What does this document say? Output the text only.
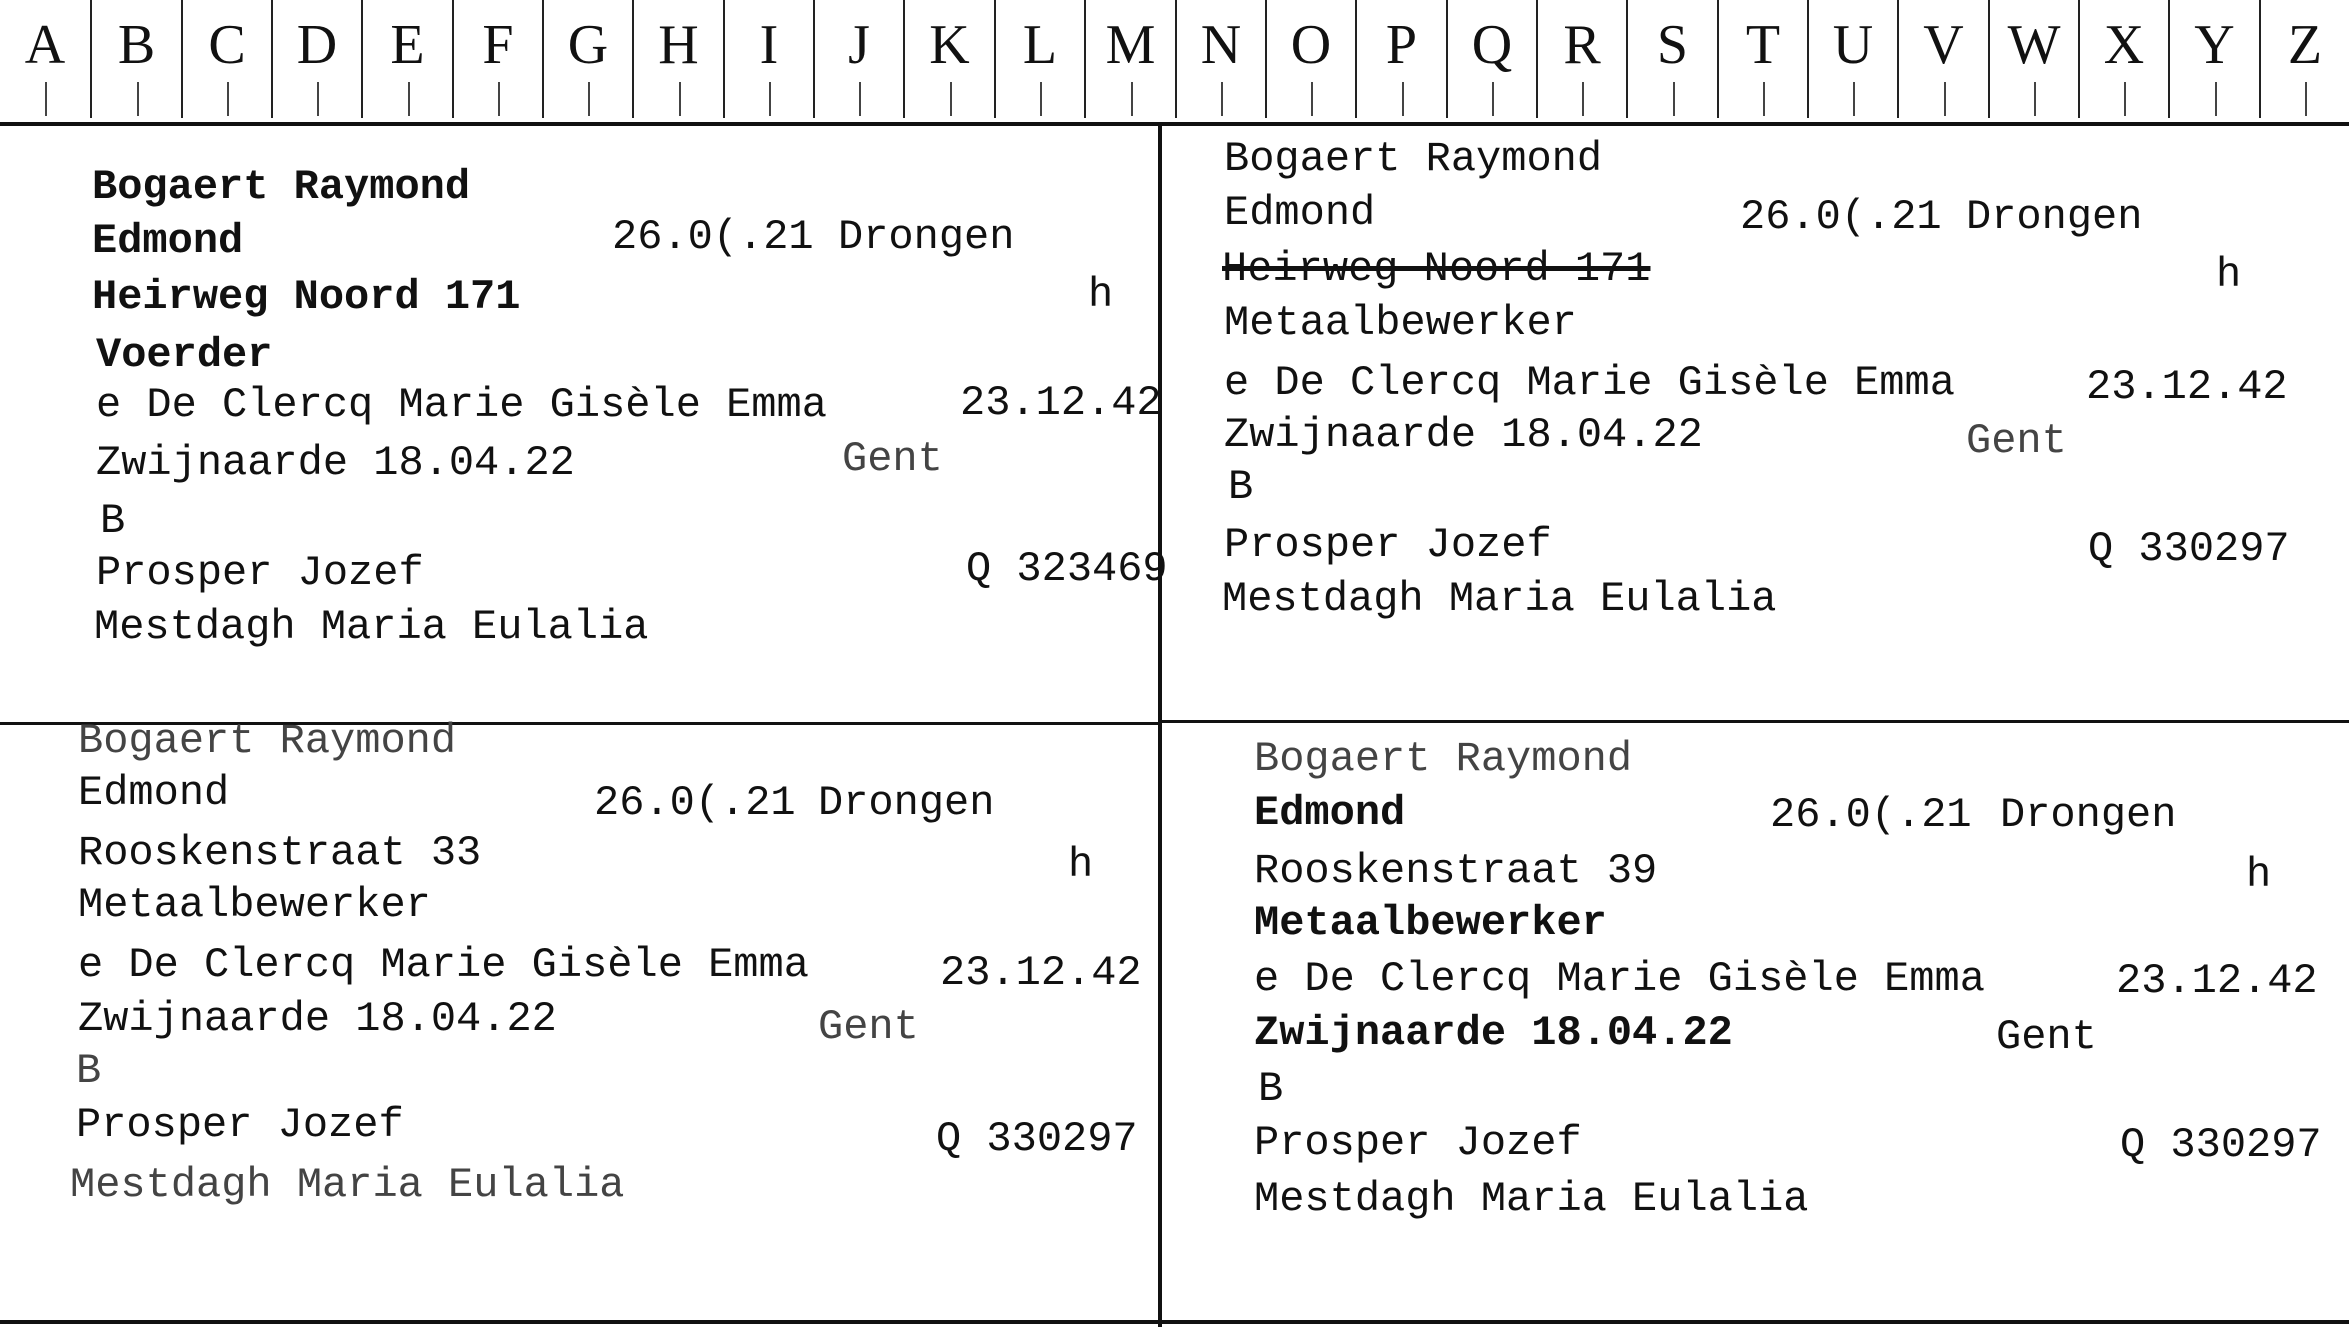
A B C D E	F G H	I	J	K L M N O P Q R	S	T U V W X Y Z
Bogaert Raymond
Edmond	26.0(.21 Drongen
Heirweg Noord 171	h
Voerder
e De Clercq Marie Gisèle Emma	23.12.42
Zwijnaarde 18.04.22	Gent
B
Prosper Jozef	Q 323469
Mestdagh Maria Eulalia
Bogaert Raymond
Edmond	26.0(.21 Drongen
Heirweg Noord 171	h
Metaalbewerker
e De Clercq Marie Gisèle Emma	23.12.42
Zwijnaarde 18.04.22	Gent
B
Prosper Jozef	Q 330297
Mestdagh Maria Eulalia
Bogaert Raymond
Edmond	26.0(.21 Drongen
Rooskenstraat 33	h
Metaalbewerker
e De Clercq Marie Gisèle Emma	23.12.42
Zwijnaarde 18.04.22	Gent
B
Prosper Jozef	Q 330297
Mestdagh Maria Eulalia
Bogaert Raymond
Edmond	26.0(.21 Drongen
Rooskenstraat 39	h
Metaalbewerker
e De Clercq Marie Gisèle Emma	23.12.42
Zwijnaarde 18.04.22	Gent
B
Prosper Jozef	Q 330297
Mestdagh Maria Eulalia
